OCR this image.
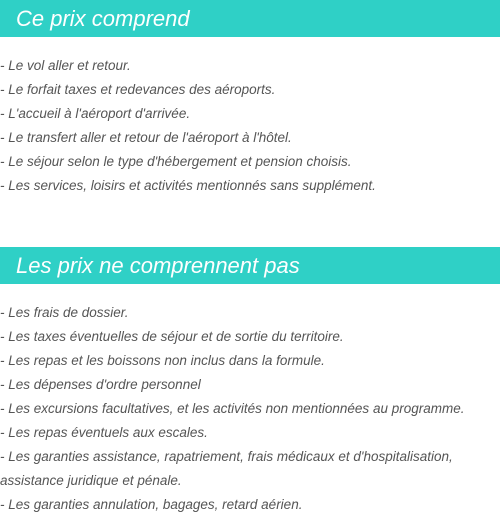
Ce prix comprend
- Le vol aller et retour.
- Le forfait taxes et redevances des aéroports.
- L'accueil à l'aéroport d'arrivée.
- Le transfert aller et retour de l'aéroport à l'hôtel.
- Le séjour selon le type d'hébergement et pension choisis.
- Les services, loisirs et activités mentionnés sans supplément.
Les prix ne comprennent pas
- Les frais de dossier.
- Les taxes éventuelles de séjour et de sortie du territoire.
- Les repas et les boissons non inclus dans la formule.
- Les dépenses d'ordre personnel
- Les excursions facultatives, et les activités non mentionnées au programme.
- Les repas éventuels aux escales.
- Les garanties assistance, rapatriement, frais médicaux et d'hospitalisation, assistance juridique et pénale.
- Les garanties annulation, bagages, retard aérien.
